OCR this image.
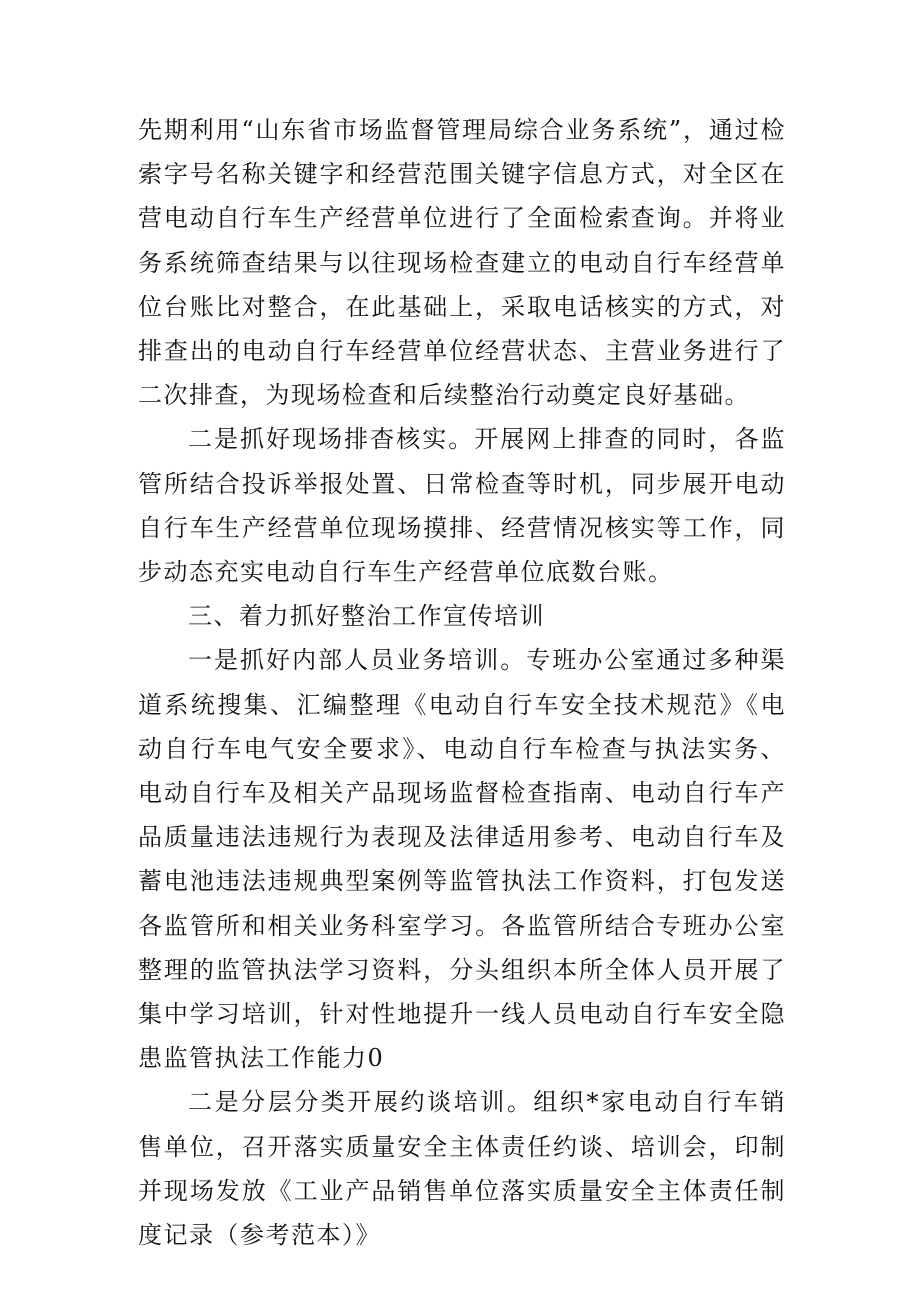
先期利用“山东省市场监督管理局综合业务系统”，通过检索字号名称关键字和经营范围关键字信息方式，对全区在营电动自行车生产经营单位进行了全面检索查询。并将业务系统筛查结果与以往现场检查建立的电动自行车经营单位台账比对整合，在此基础上，采取电话核实的方式，对排查出的电动自行车经营单位经营状态、主营业务进行了二次排查，为现场检查和后续整治行动奠定良好基础。

二是抓好现场排杳核实。开展网上排查的同时，各监管所结合投诉举报处置、日常检查等时机，同步展开电动自行车生产经营单位现场摸排、经营情况核实等工作，同步动态充实电动自行车生产经营单位底数台账。

三、着力抓好整治工作宣传培训

一是抓好内部人员业务培训。专班办公室通过多种渠道系统搜集、汇编整理《电动自行车安全技术规范》《电动自行车电气安全要求》、电动自行车检查与执法实务、电动自行车及相关产品现场监督检查指南、电动自行车产品质量违法违规行为表现及法律适用参考、电动自行车及蓄电池违法违规典型案例等监管执法工作资料，打包发送各监管所和相关业务科室学习。各监管所结合专班办公室整理的监管执法学习资料，分头组织本所全体人员开展了集中学习培训，针对性地提升一线人员电动自行车安全隐患监管执法工作能力0

二是分层分类开展约谈培训。组织*家电动自行车销售单位，召开落实质量安全主体责任约谈、培训会，印制并现场发放《工业产品销售单位落实质量安全主体责任制度记录（参考范本）》
